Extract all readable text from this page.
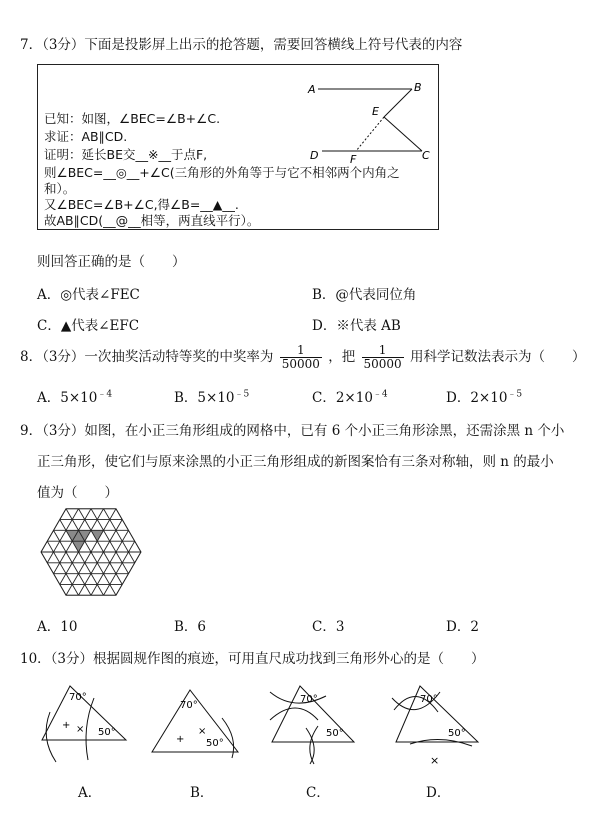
7．（3分）下面是投影屏上出示的抢答题，需要回答横线上符号代表的内容
已知：如图，∠BEC=∠B+∠C.
求证：AB∥CD.
证明：延长BE交__※__于点F,
则∠BEC=__◎__+∠C(三角形的外角等于与它不相邻两个内角之
和）。
又∠BEC=∠B+∠C,得∠B=__▲__.
故AB∥CD(__@__相等，两直线平行）。
A	B
C
D
E
F
则回答正确的是（　　）
A．◎代表∠FEC	B．@代表同位角
C．▲代表∠EFC	D．※代表 AB
8．（3分）一次抽奖活动特等奖的中奖率为 $\frac{1}{50000}$ ，把 $\frac{1}{50000}$ 用科学记数法表示为（　　）
A．$5\times 10^{﹣4}$	B．$5\times 10^{﹣5}$	C．$2\times 10^{﹣4}$	D．$2\times 10^{﹣5}$
9．（3分）如图，在小正三角形组成的网格中，已有 6 个小正三角形涂黑，还需涂黑 n 个小
正三角形，使它们与原来涂黑的小正三角形组成的新图案恰有三条对称轴，则 n 的最小
值为（　　）
A．10	B．6	C．3	D．2
10．（3分）根据圆规作图的痕迹，可用直尺成功找到三角形外心的是（　　）
70°
50°
+ ×
A．
70°
50°
+
×
B．
70°
50°
C．
70°
50°
×
D．
